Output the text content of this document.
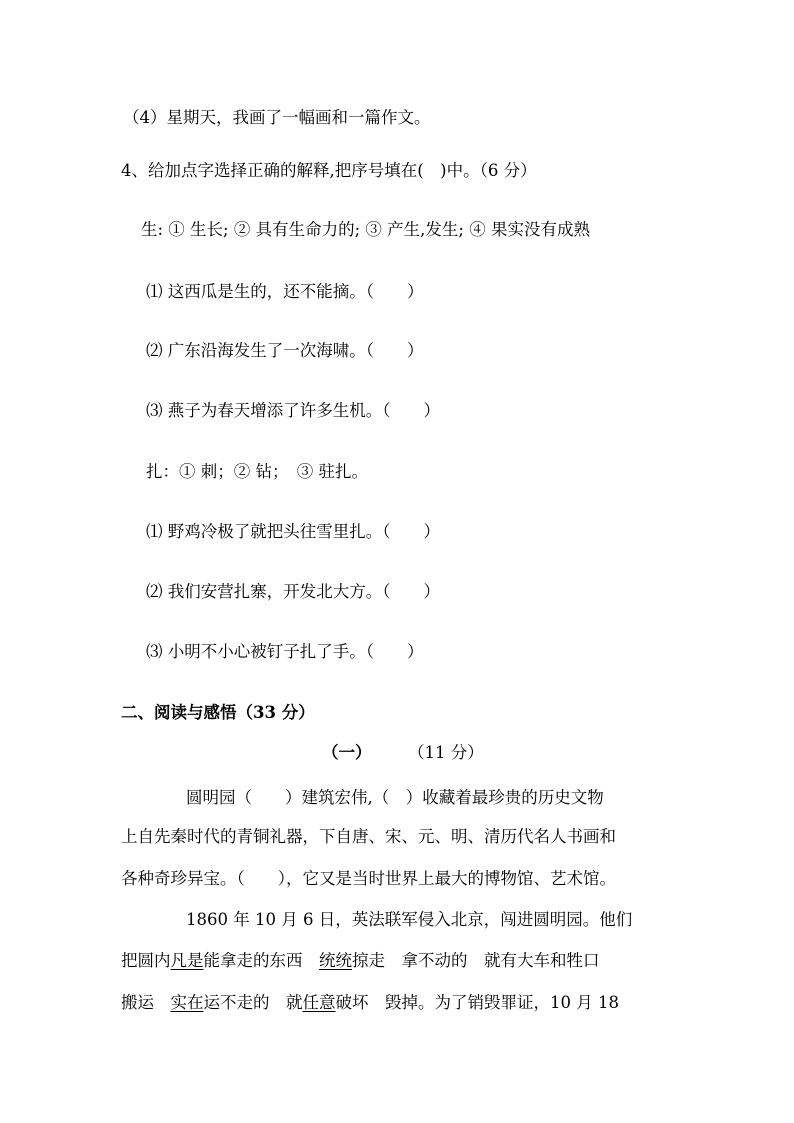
（4）星期天，我画了一幅画和一篇作文。
4、给加点字选择正确的解释,把序号填在(　)中。（6 分）
生: ① 生长; ② 具有生命力的; ③ 产生,发生; ④ 果实没有成熟
⑴ 这西瓜是生的，还不能摘。（　　）
⑵ 广东沿海发生了一次海啸。（　　）
⑶ 燕子为春天增添了许多生机。（　　）
扎：① 刺；② 钻；　③ 驻扎。
⑴ 野鸡冷极了就把头往雪里扎。（　　）
⑵ 我们安营扎寨，开发北大方。（　　）
⑶ 小明不小心被钉子扎了手。（　　）
二、阅读与感悟（33 分）
（一） （11 分）
圆明园（　　）建筑宏伟,（　）收藏着最珍贵的历史文物
上自先秦时代的青铜礼器，下自唐、宋、元、明、清历代名人书画和
各种奇珍异宝。（　　），它又是当时世界上最大的博物馆、艺术馆。
1860 年 10 月 6 日，英法联军侵入北京，闯进圆明园。他们
把圆内凡是能拿走的东西　统统掠走　拿不动的　就有大车和牲口
搬运　实在运不走的　就任意破坏　毁掉。为了销毁罪证，10 月 18
